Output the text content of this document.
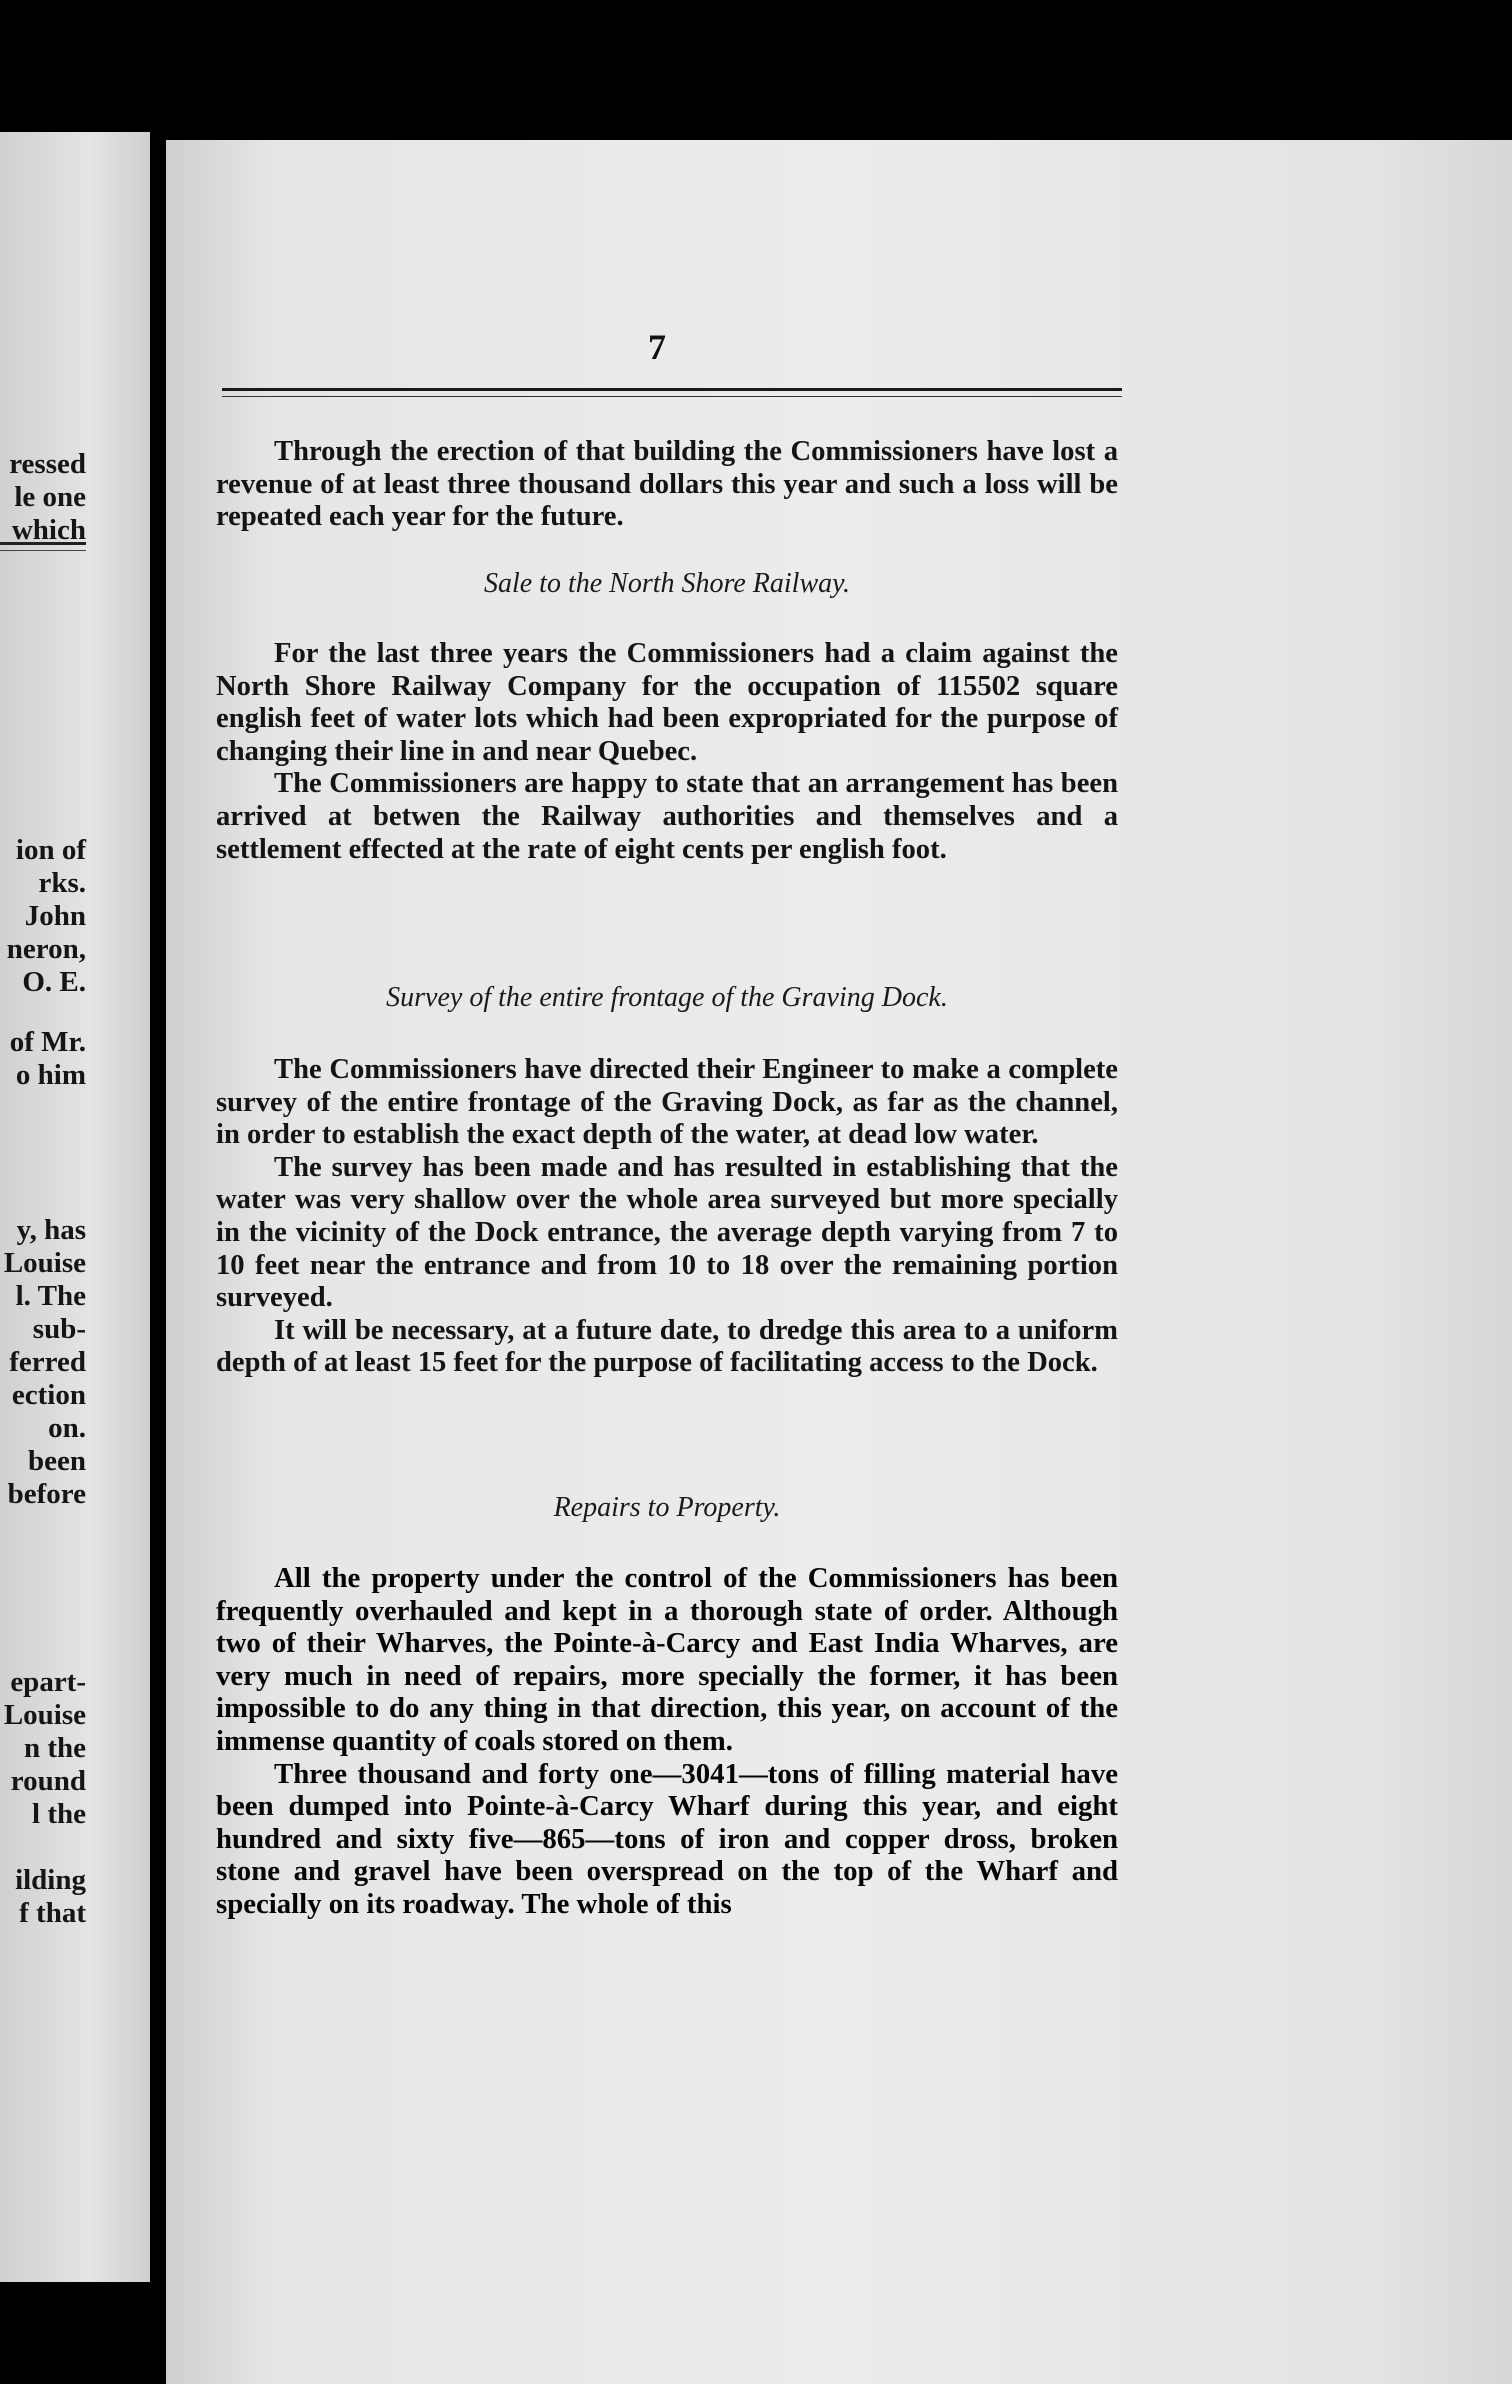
ressed
le one
which
ion of
rks.
John
neron,
O. E.
of Mr.
o him
y, has
Louise
l. The
sub-
ferred
ection
on.
been
before
epart-
Louise
n the
round
l the
ilding
f that
7

Through the erection of that building the Commissioners have lost a revenue of at least three thousand dollars this year and such a loss will be repeated each year for the future.

Sale to the North Shore Railway.

For the last three years the Commissioners had a claim against the North Shore Railway Company for the occupation of 115502 square english feet of water lots which had been expropriated for the purpose of changing their line in and near Quebec.

The Commissioners are happy to state that an arrangement has been arrived at betwen the Railway authorities and themselves and a settlement effected at the rate of eight cents per english foot.

Survey of the entire frontage of the Graving Dock.

The Commissioners have directed their Engineer to make a complete survey of the entire frontage of the Graving Dock, as far as the channel, in order to establish the exact depth of the water, at dead low water.

The survey has been made and has resulted in establishing that the water was very shallow over the whole area surveyed but more specially in the vicinity of the Dock entrance, the average depth varying from 7 to 10 feet near the entrance and from 10 to 18 over the remaining portion surveyed.

It will be necessary, at a future date, to dredge this area to a uniform depth of at least 15 feet for the purpose of facilitating access to the Dock.

Repairs to Property.

All the property under the control of the Commissioners has been frequently overhauled and kept in a thorough state of order. Although two of their Wharves, the Pointe-à-Carcy and East India Wharves, are very much in need of repairs, more specially the former, it has been impossible to do any thing in that direction, this year, on account of the immense quantity of coals stored on them.

Three thousand and forty one—3041—tons of filling material have been dumped into Pointe-à-Carcy Wharf during this year, and eight hundred and sixty five—865—tons of iron and copper dross, broken stone and gravel have been overspread on the top of the Wharf and specially on its roadway. The whole of this
